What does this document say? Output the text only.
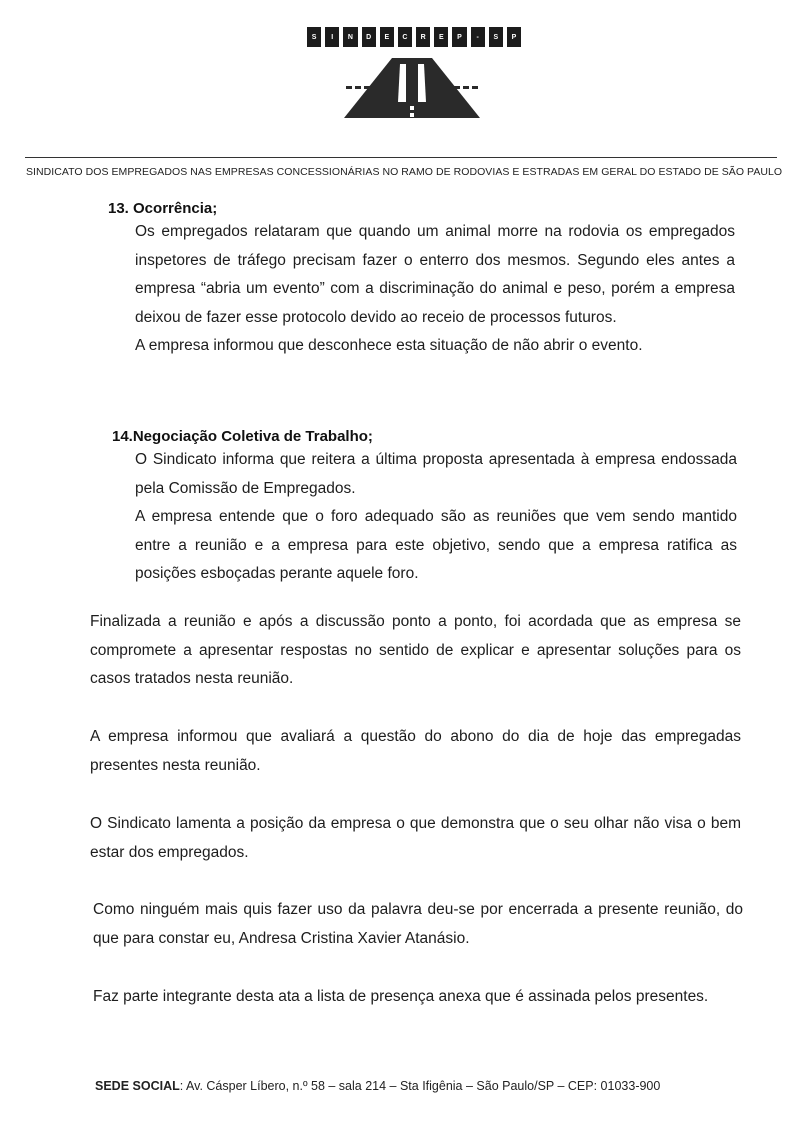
S	I	N	D	E	C	R	E	P	-	S	P
SINDICATO DOS EMPREGADOS NAS EMPRESAS CONCESSIONÁRIAS NO RAMO DE RODOVIAS E ESTRADAS EM GERAL DO ESTADO DE SÃO PAULO
13. Ocorrência;

Os empregados relataram que quando um animal morre na rodovia os empregados inspetores de tráfego precisam fazer o enterro dos mesmos. Segundo eles antes a empresa “abria um evento” com a discriminação do animal e peso, porém a empresa deixou de fazer esse protocolo devido ao receio de processos futuros.

A empresa informou que desconhece esta situação de não abrir o evento.

14.Negociação Coletiva de Trabalho;

O Sindicato informa que reitera a última proposta apresentada à empresa endossada pela Comissão de Empregados.

A empresa entende que o foro adequado são as reuniões que vem sendo mantido entre a reunião e a empresa para este objetivo, sendo que a empresa ratifica as posições esboçadas perante aquele foro.

Finalizada a reunião e após a discussão ponto a ponto, foi acordada que as empresa se compromete a apresentar respostas no sentido de explicar e apresentar soluções para os casos tratados nesta reunião.
A empresa informou que avaliará a questão do abono do dia de hoje das empregadas presentes nesta reunião.
O Sindicato lamenta a posição da empresa o que demonstra que o seu olhar não visa o bem estar dos empregados.
Como ninguém mais quis fazer uso da palavra deu-se por encerrada a presente reunião, do que para constar eu, Andresa Cristina Xavier Atanásio.
Faz parte integrante desta ata a lista de presença anexa que é assinada pelos presentes.
SEDE SOCIAL: Av. Cásper Líbero, n.º 58 – sala 214 – Sta Ifigênia – São Paulo/SP – CEP: 01033-900
